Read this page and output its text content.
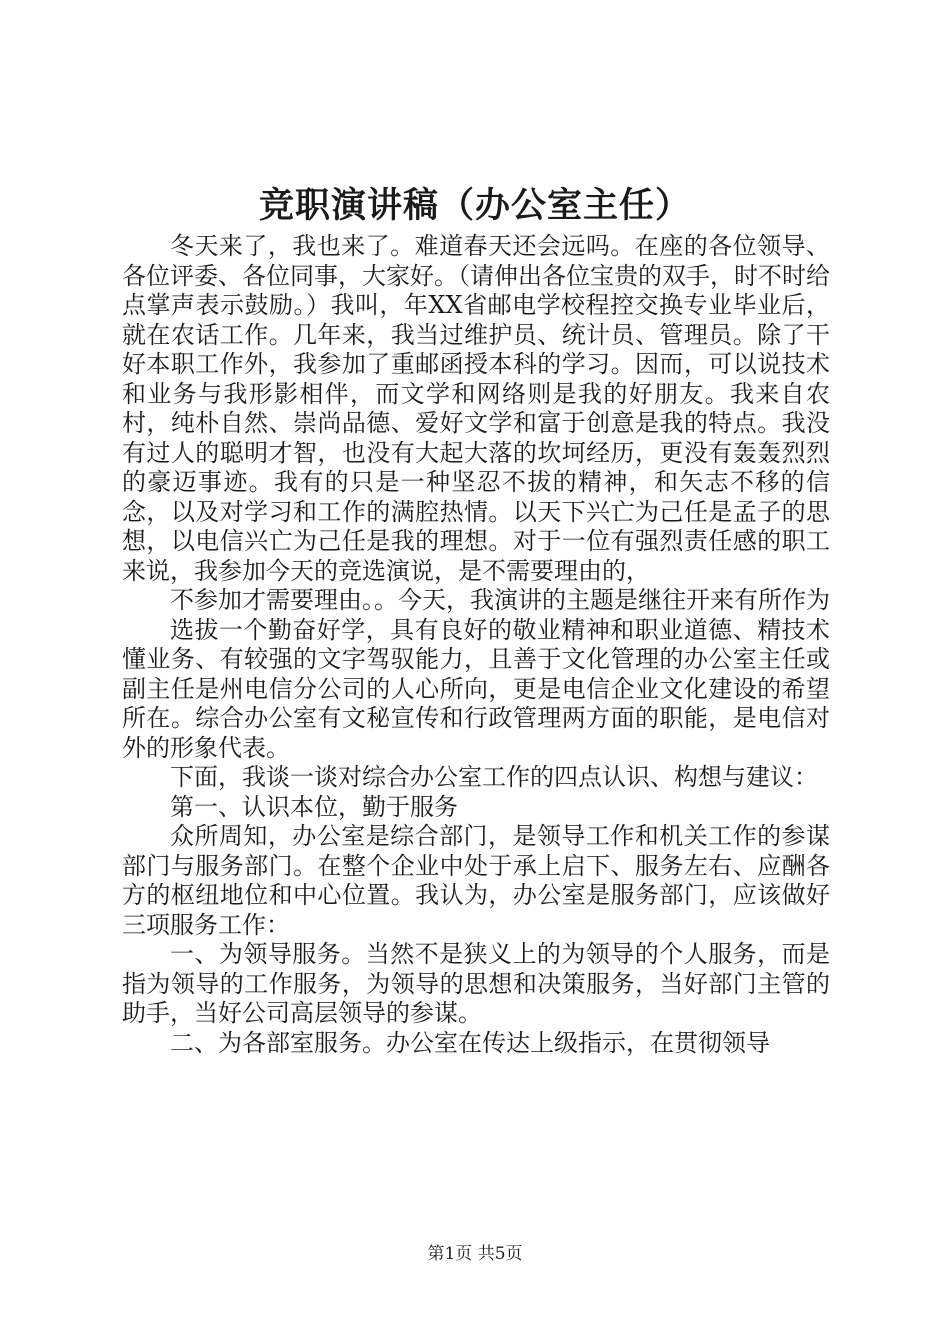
竞职演讲稿（办公室主任）

冬天来了，我也来了。难道春天还会远吗。在座的各位领导、各位评委、各位同事，大家好。（请伸出各位宝贵的双手，时不时给点掌声表示鼓励。）我叫，年XX省邮电学校程控交换专业毕业后，就在农话工作。几年来，我当过维护员、统计员、管理员。除了干好本职工作外，我参加了重邮函授本科的学习。因而，可以说技术和业务与我形影相伴，而文学和网络则是我的好朋友。我来自农村，纯朴自然、崇尚品德、爱好文学和富于创意是我的特点。我没有过人的聪明才智，也没有大起大落的坎坷经历，更没有轰轰烈烈的豪迈事迹。我有的只是一种坚忍不拔的精神，和矢志不移的信念，以及对学习和工作的满腔热情。以天下兴亡为己任是孟子的思想，以电信兴亡为己任是我的理想。对于一位有强烈责任感的职工来说，我参加今天的竞选演说，是不需要理由的，

不参加才需要理由。。今天，我演讲的主题是继往开来有所作为

选拔一个勤奋好学，具有良好的敬业精神和职业道德、精技术懂业务、有较强的文字驾驭能力，且善于文化管理的办公室主任或副主任是州电信分公司的人心所向，更是电信企业文化建设的希望所在。综合办公室有文秘宣传和行政管理两方面的职能，是电信对外的形象代表。

下面，我谈一谈对综合办公室工作的四点认识、构想与建议：

第一、认识本位，勤于服务

众所周知，办公室是综合部门，是领导工作和机关工作的参谋部门与服务部门。在整个企业中处于承上启下、服务左右、应酬各方的枢纽地位和中心位置。我认为，办公室是服务部门，应该做好三项服务工作：

一、为领导服务。当然不是狭义上的为领导的个人服务，而是指为领导的工作服务，为领导的思想和决策服务，当好部门主管的助手，当好公司高层领导的参谋。

二、为各部室服务。办公室在传达上级指示，在贯彻领导

第1页 共5页
